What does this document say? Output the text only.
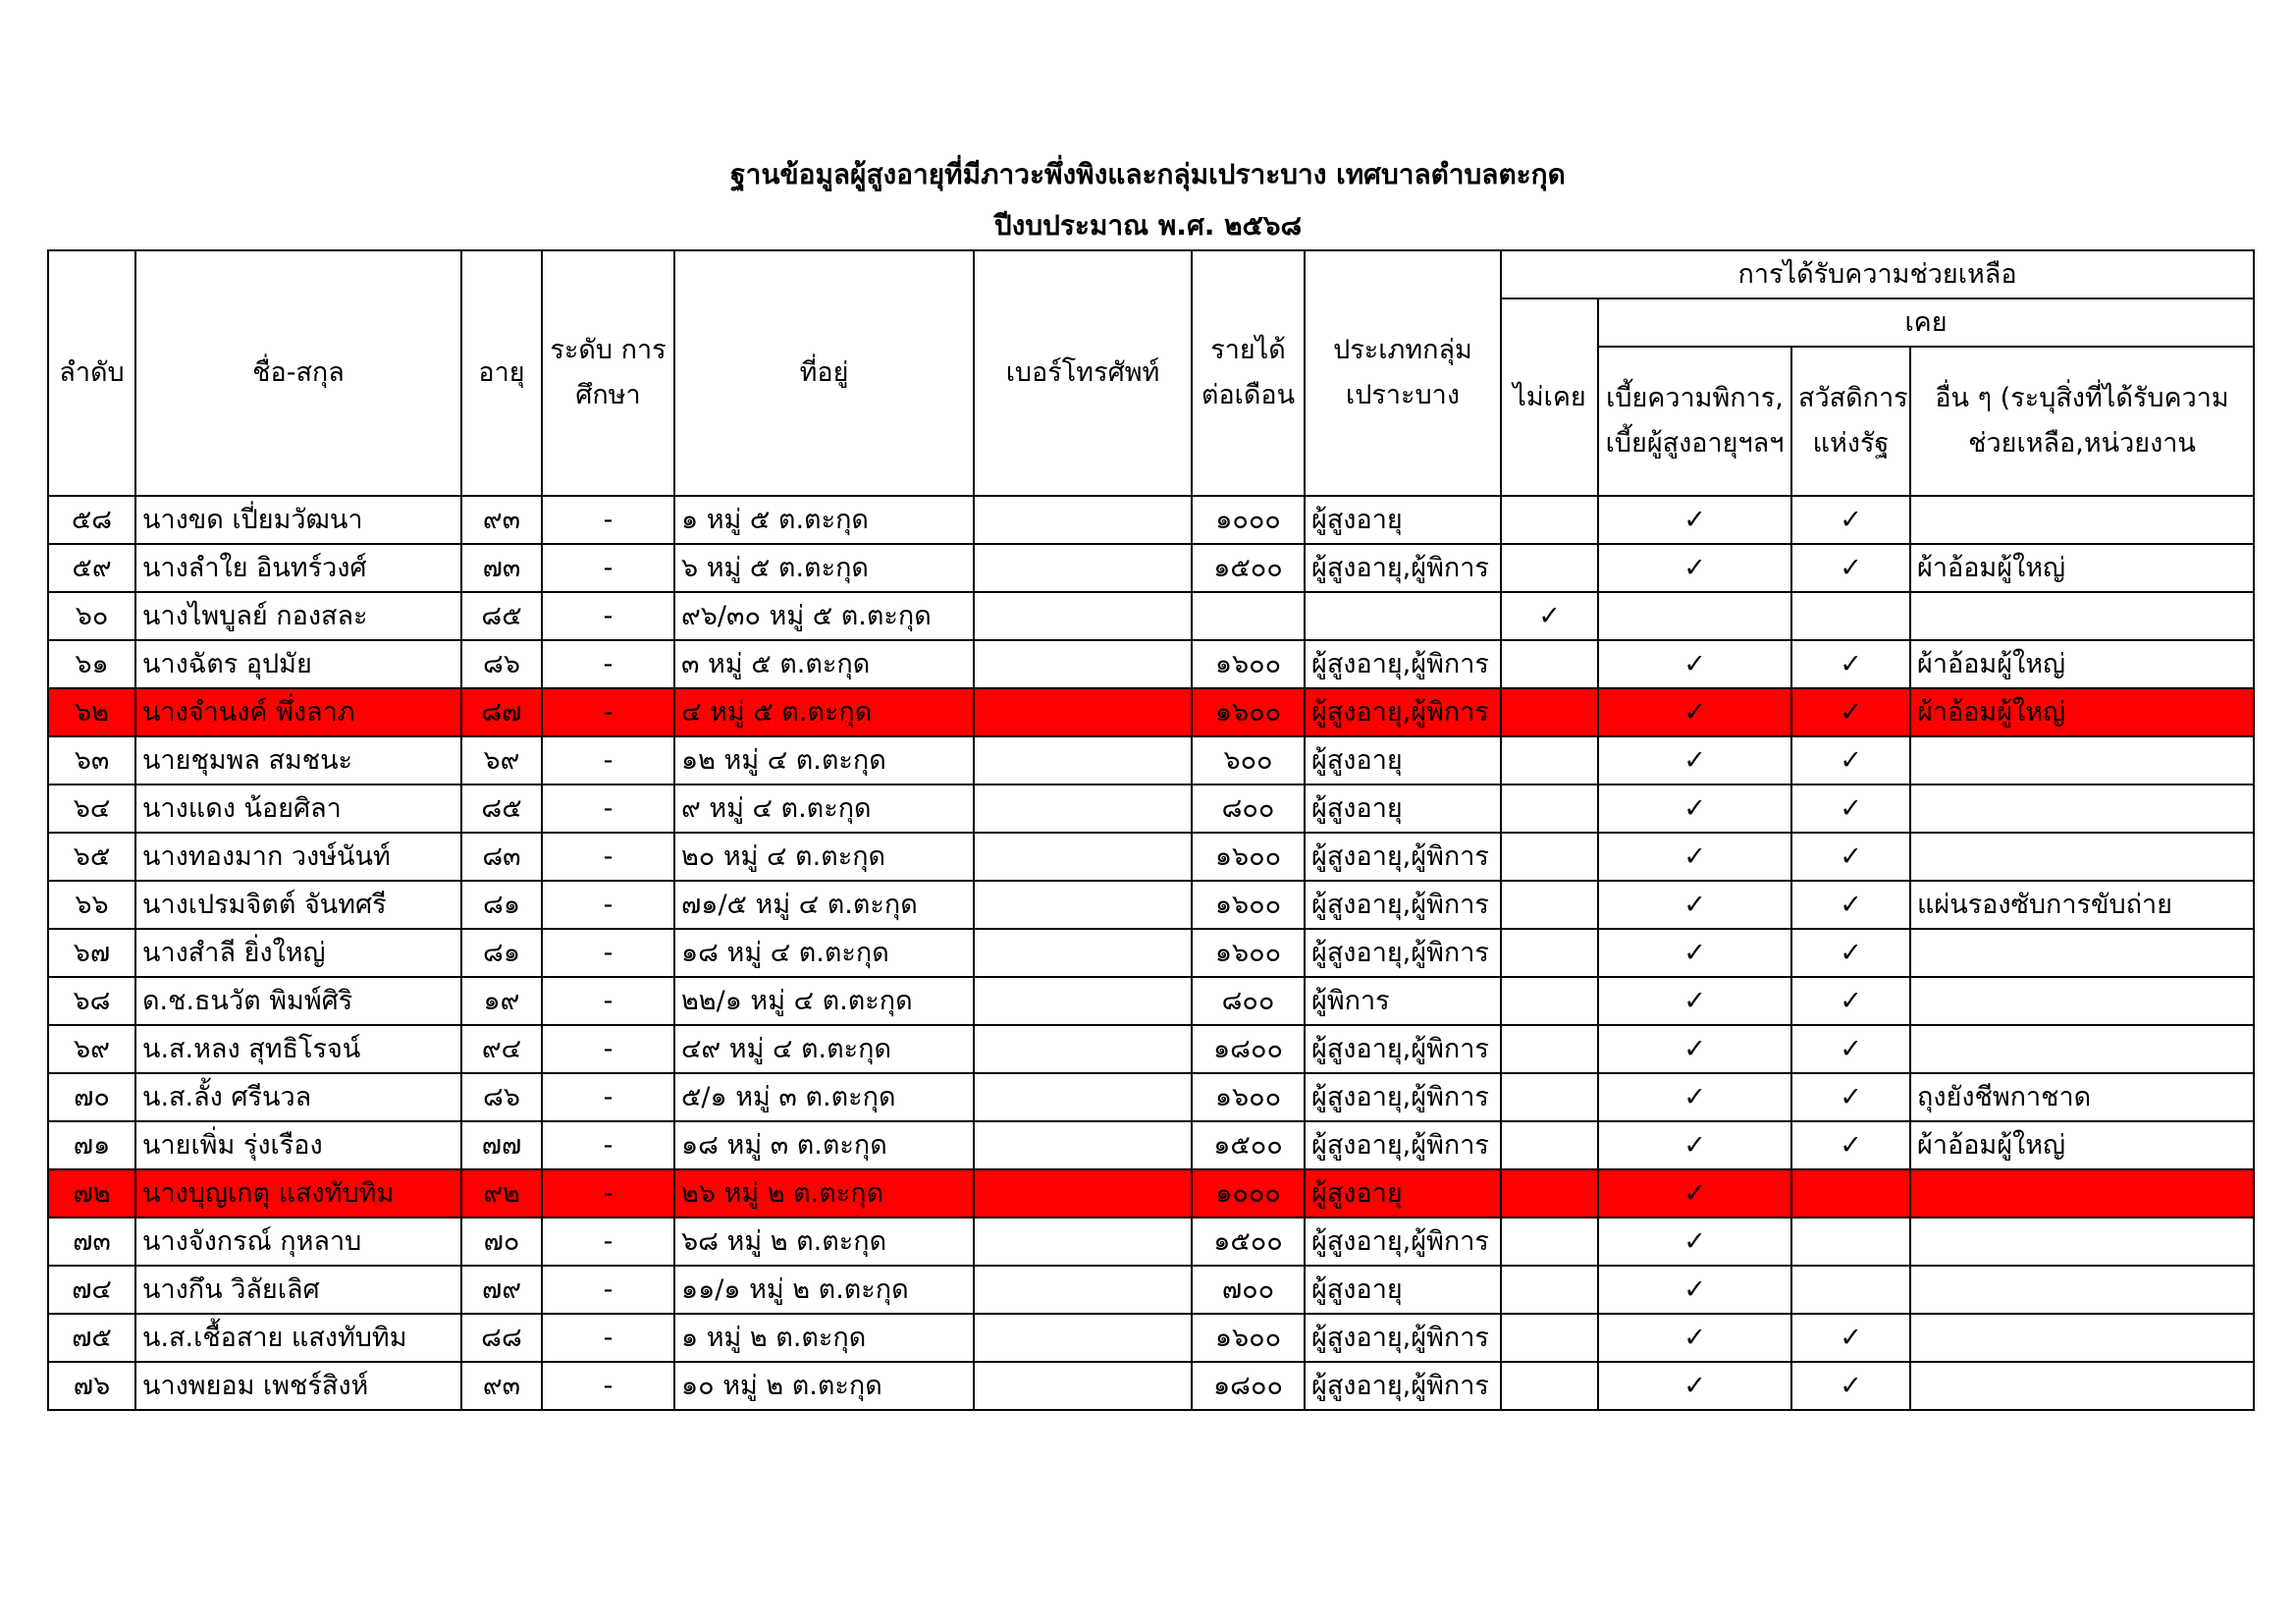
ฐานข้อมูลผู้สูงอายุที่มีภาวะพึ่งพิงและกลุ่มเปราะบาง เทศบาลตำบลตะกุด
ปีงบประมาณ พ.ศ. ๒๕๖๘
ลำดับ	ชื่อ-สกุล	อายุ	ระดับ การศึกษา	ที่อยู่	เบอร์โทรศัพท์	รายได้ ต่อเดือน	ประเภทกลุ่ม เปราะบาง	การได้รับความช่วยเหลือ			
								ไม่เคย	เคย		
									เบี้ยความพิการ, เบี้ยผู้สูงอายุฯลฯ	สวัสดิการ แห่งรัฐ	อื่น ๆ (ระบุสิ่งที่ได้รับความ ช่วยเหลือ,หน่วยงาน
๕๘	นางขด เปี่ยมวัฒนา	๙๓	-	๑ หมู่ ๕ ต.ตะกุด		๑๐๐๐	ผู้สูงอายุ		✓	✓	
๕๙	นางลำใย อินทร์วงศ์	๗๓	-	๖ หมู่ ๕ ต.ตะกุด		๑๕๐๐	ผู้สูงอายุ,ผู้พิการ		✓	✓	ผ้าอ้อมผู้ใหญ่
๖๐	นางไพบูลย์ กองสละ	๘๕	-	๙๖/๓๐ หมู่ ๕ ต.ตะกุด				✓			
๖๑	นางฉัตร อุปมัย	๘๖	-	๓ หมู่ ๕ ต.ตะกุด		๑๖๐๐	ผู้สูงอายุ,ผู้พิการ		✓	✓	ผ้าอ้อมผู้ใหญ่
๖๒	นางจำนงค์ พึ่งลาภ	๘๗	-	๔ หมู่ ๕ ต.ตะกุด		๑๖๐๐	ผู้สูงอายุ,ผู้พิการ		✓	✓	ผ้าอ้อมผู้ใหญ่
๖๓	นายชุมพล สมชนะ	๖๙	-	๑๒ หมู่ ๔ ต.ตะกุด		๖๐๐	ผู้สูงอายุ		✓	✓	
๖๔	นางแดง น้อยศิลา	๘๕	-	๙ หมู่ ๔ ต.ตะกุด		๘๐๐	ผู้สูงอายุ		✓	✓	
๖๕	นางทองมาก วงษ์นันท์	๘๓	-	๒๐ หมู่ ๔ ต.ตะกุด		๑๖๐๐	ผู้สูงอายุ,ผู้พิการ		✓	✓	
๖๖	นางเปรมจิตต์ จันทศรี	๘๑	-	๗๑/๕ หมู่ ๔ ต.ตะกุด		๑๖๐๐	ผู้สูงอายุ,ผู้พิการ		✓	✓	แผ่นรองซับการขับถ่าย
๖๗	นางสำลี ยิ่งใหญ่	๘๑	-	๑๘ หมู่ ๔ ต.ตะกุด		๑๖๐๐	ผู้สูงอายุ,ผู้พิการ		✓	✓	
๖๘	ด.ช.ธนวัต พิมพ์ศิริ	๑๙	-	๒๒/๑ หมู่ ๔ ต.ตะกุด		๘๐๐	ผู้พิการ		✓	✓	
๖๙	น.ส.หลง สุทธิโรจน์	๙๔	-	๔๙ หมู่ ๔ ต.ตะกุด		๑๘๐๐	ผู้สูงอายุ,ผู้พิการ		✓	✓	
๗๐	น.ส.ลั้ง ศรีนวล	๘๖	-	๕/๑ หมู่ ๓ ต.ตะกุด		๑๖๐๐	ผู้สูงอายุ,ผู้พิการ		✓	✓	ถุงยังชีพกาชาด
๗๑	นายเพิ่ม รุ่งเรือง	๗๗	-	๑๘ หมู่ ๓ ต.ตะกุด		๑๕๐๐	ผู้สูงอายุ,ผู้พิการ		✓	✓	ผ้าอ้อมผู้ใหญ่
๗๒	นางบุญเกตุ แสงทับทิม	๙๒	-	๒๖ หมู่ ๒ ต.ตะกุด		๑๐๐๐	ผู้สูงอายุ		✓		
๗๓	นางจังกรณ์ กุหลาบ	๗๐	-	๖๘ หมู่ ๒ ต.ตะกุด		๑๕๐๐	ผู้สูงอายุ,ผู้พิการ		✓		
๗๔	นางกึน วิลัยเลิศ	๗๙	-	๑๑/๑ หมู่ ๒ ต.ตะกุด		๗๐๐	ผู้สูงอายุ		✓		
๗๕	น.ส.เชื้อสาย แสงทับทิม	๘๘	-	๑ หมู่ ๒ ต.ตะกุด		๑๖๐๐	ผู้สูงอายุ,ผู้พิการ		✓	✓	
๗๖	นางพยอม เพชร์สิงห์	๙๓	-	๑๐ หมู่ ๒ ต.ตะกุด		๑๘๐๐	ผู้สูงอายุ,ผู้พิการ		✓	✓	
